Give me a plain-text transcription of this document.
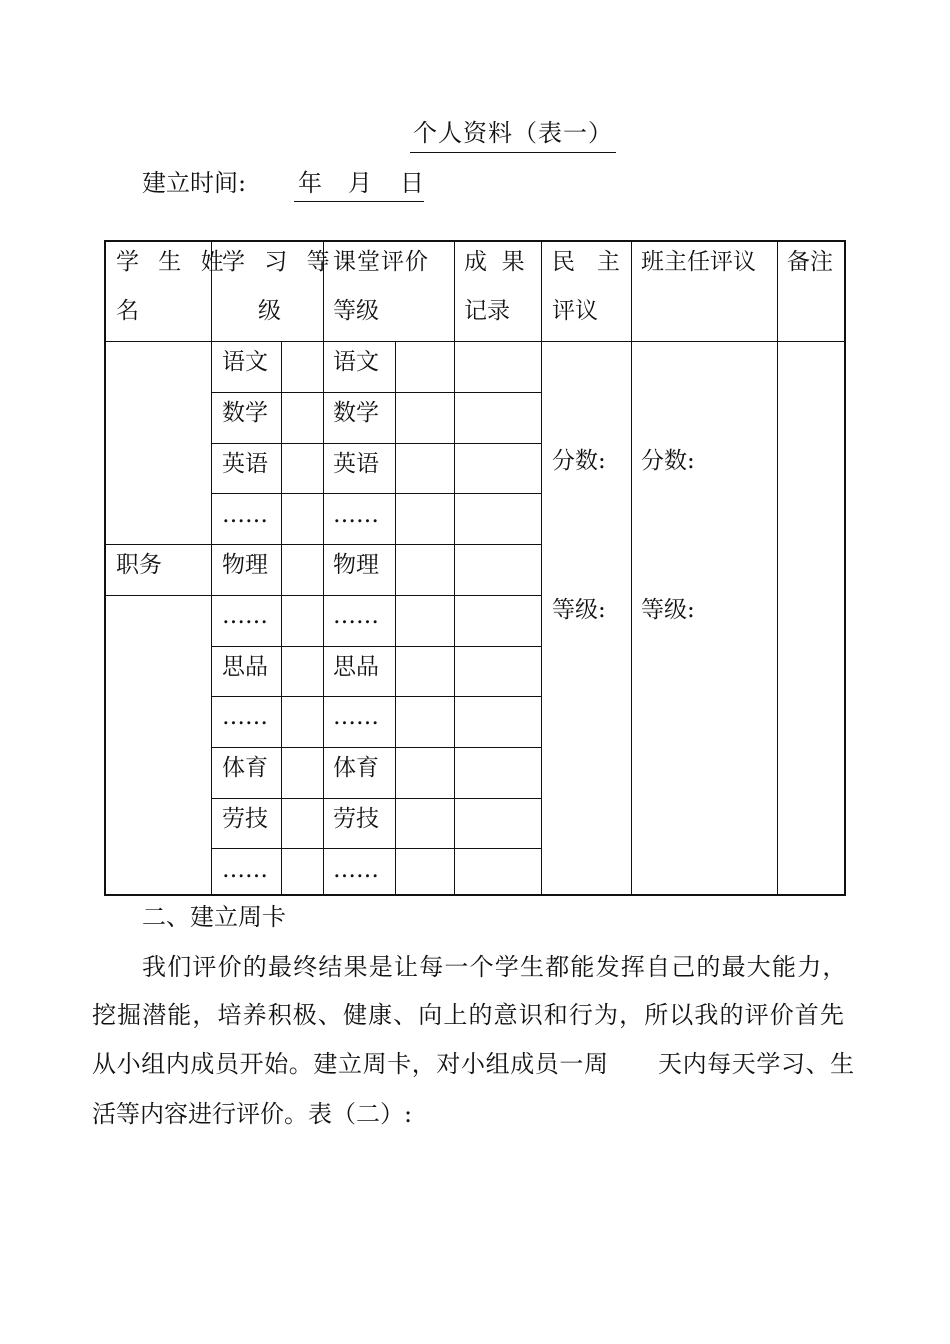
个人资料（表一）
建立时间: 年 月 日
学 生 姓
名
学 习 等
级
课堂评价
等级
成  果
记录
民   主
评议
班主任评议 备注
职务
语文
数学
英语
……
物理
……
思品
……
体育
劳技
……
语文
数学
英语
……
物理
……
思品
……
体育
劳技
……
分数:
等级:
分数:
等级:
二、建立周卡

我们评价的最终结果是让每一个学生都能发挥自己的最大能力，

挖掘潜能，培养积极、健康、向上的意识和行为，所以我的评价首先

从小组内成员开始。建立周卡，对小组成员一周      天内每天学习、生

活等内容进行评价。表（二）:
